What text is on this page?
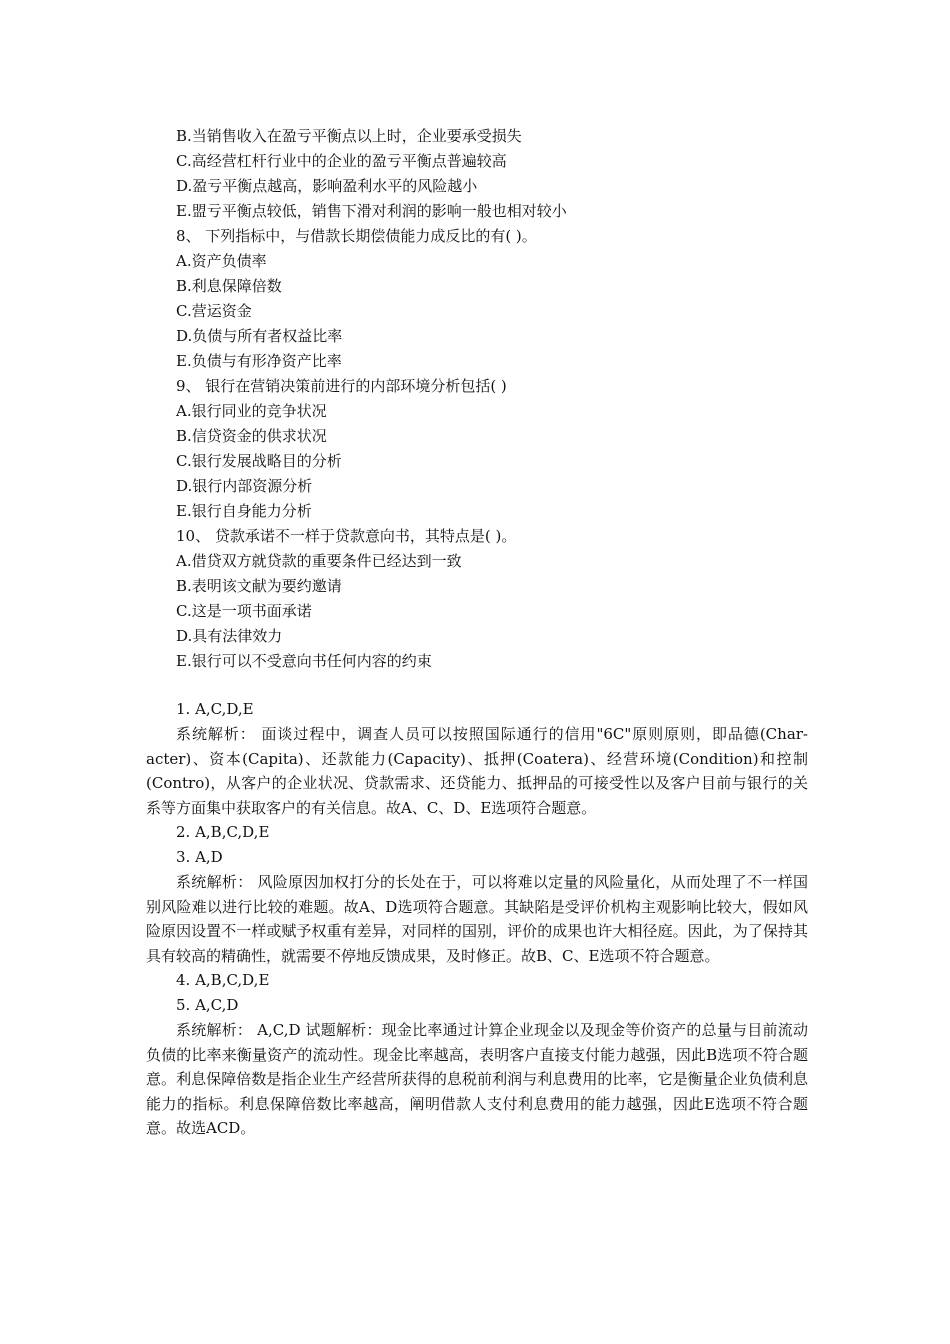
B.当销售收入在盈亏平衡点以上时，企业要承受损失
C.高经营杠杆行业中的企业的盈亏平衡点普遍较高
D.盈亏平衡点越高，影响盈利水平的风险越小
E.盟亏平衡点较低，销售下滑对利润的影响一般也相对较小
8、 下列指标中，与借款长期偿债能力成反比的有( )。
A.资产负债率
B.利息保障倍数
C.营运资金
D.负债与所有者权益比率
E.负债与有形净资产比率
9、 银行在营销决策前进行的内部环境分析包括( )
A.银行同业的竞争状况
B.信贷资金的供求状况
C.银行发展战略目的分析
D.银行内部资源分析
E.银行自身能力分析
10、 贷款承诺不一样于贷款意向书，其特点是( )。
A.借贷双方就贷款的重要条件已经达到一致
B.表明该文献为要约邀请
C.这是一项书面承诺
D.具有法律效力
E.银行可以不受意向书任何内容的约束
1. A,C,D,E

系统解析： 面谈过程中，调查人员可以按照国际通行的信用"6C"原则原则，即品德(Char-acter)、资本(Capita)、还款能力(Capacity)、抵押(Coatera)、经营环境(Condition)和控制(Contro)，从客户的企业状况、贷款需求、还贷能力、抵押品的可接受性以及客户目前与银行的关系等方面集中获取客户的有关信息。故A、C、D、E选项符合题意。

2. A,B,C,D,E
3. A,D

系统解析： 风险原因加权打分的长处在于，可以将难以定量的风险量化，从而处理了不一样国别风险难以进行比较的难题。故A、D选项符合题意。其缺陷是受评价机构主观影响比较大，假如风险原因设置不一样或赋予权重有差异，对同样的国别，评价的成果也许大相径庭。因此，为了保持其具有较高的精确性，就需要不停地反馈成果，及时修正。故B、C、E选项不符合题意。

4. A,B,C,D,E
5. A,C,D

系统解析： A,C,D 试题解析：现金比率通过计算企业现金以及现金等价资产的总量与目前流动负债的比率来衡量资产的流动性。现金比率越高，表明客户直接支付能力越强，因此B选项不符合题意。利息保障倍数是指企业生产经营所获得的息税前利润与利息费用的比率，它是衡量企业负债利息能力的指标。利息保障倍数比率越高，阐明借款人支付利息费用的能力越强，因此E选项不符合题意。故选ACD。
